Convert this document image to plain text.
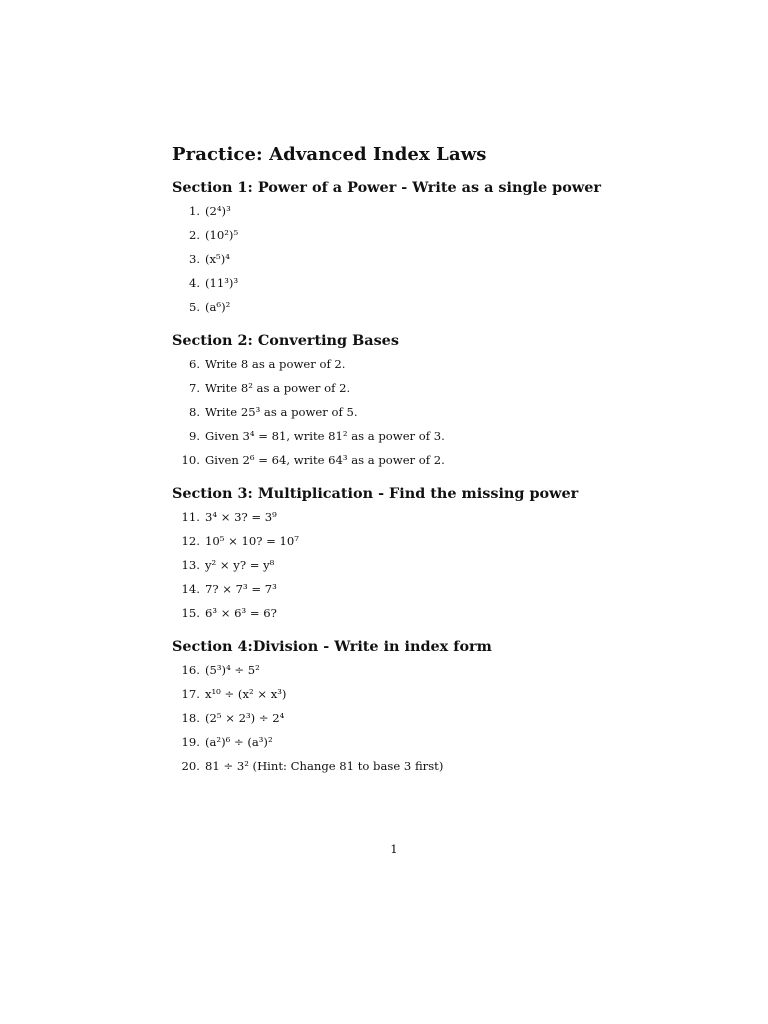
Practice: Advanced Index Laws
Section 1: Power of a Power - Write as a single power
1. (2⁴)³
2. (10²)⁵
3. (x⁵)⁴
4. (11³)³
5. (a⁶)²
Section 2: Converting Bases
6. Write 8 as a power of 2.
7. Write 8² as a power of 2.
8. Write 25³ as a power of 5.
9. Given 3⁴ = 81, write 81² as a power of 3.
10. Given 2⁶ = 64, write 64³ as a power of 2.
Section 3: Multiplication - Find the missing power
11. 3⁴ × 3? = 3⁹
12. 10⁵ × 10? = 10⁷
13. y² × y? = y⁸
14. 7? × 7³ = 7³
15. 6³ × 6³ = 6?
Section 4:Division - Write in index form
16. (5³)⁴ ÷ 5²
17. x¹⁰ ÷ (x² × x³)
18. (2⁵ × 2³) ÷ 2⁴
19. (a²)⁶ ÷ (a³)²
20. 81 ÷ 3² (Hint: Change 81 to base 3 first)
1
